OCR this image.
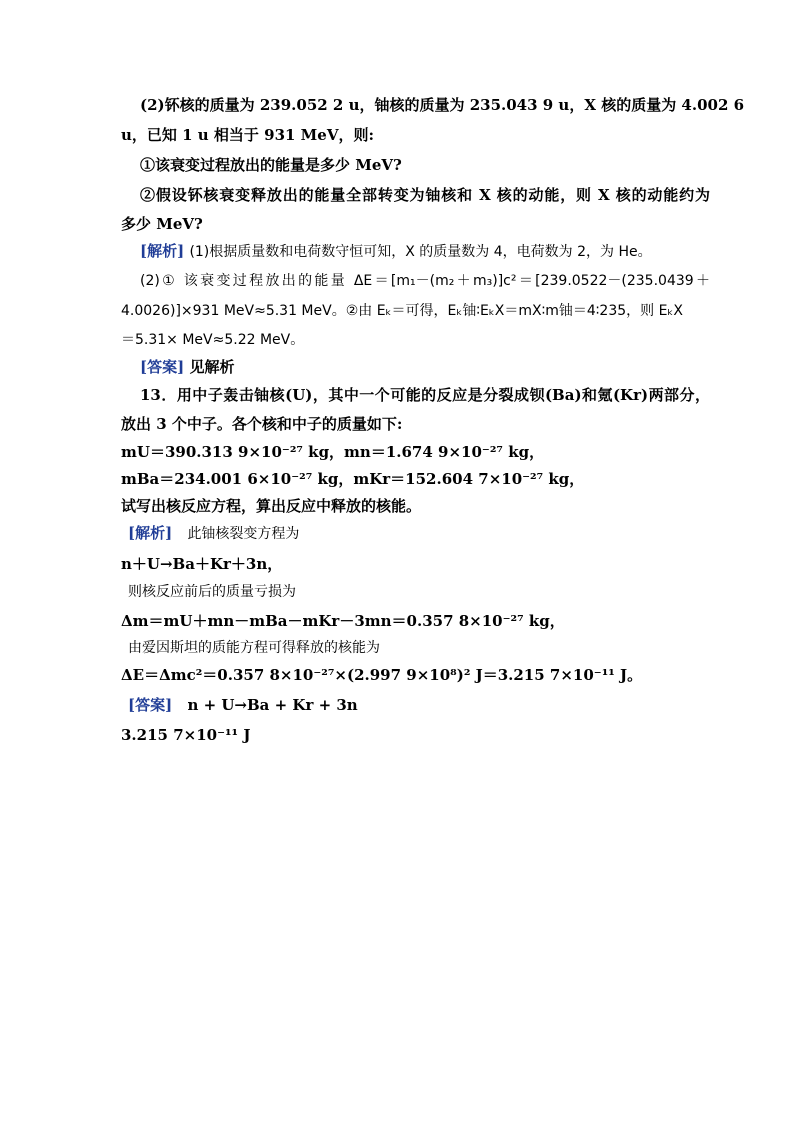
(2)钚核的质量为 239.052 2 u，铀核的质量为 235.043 9 u，X 核的质量为 4.002 6
u，已知 1 u 相当于 931 MeV，则:
①该衰变过程放出的能量是多少 MeV?
②假设钚核衰变释放出的能量全部转变为铀核和 X 核的动能，则 X 核的动能约为
多少 MeV?
[解析] (1)根据质量数和电荷数守恒可知，X 的质量数为 4，电荷数为 2，为 He。
(2)① 该衰变过程放出的能量 ΔE＝[m₁－(m₂＋m₃)]c²＝[239.0522－(235.0439＋
4.0026)]×931 MeV≈5.31 MeV。②由 Eₖ＝可得，Eₖ铀∶EₖX＝mX∶m铀＝4∶235，则 EₖX
＝5.31× MeV≈5.22 MeV。
[答案] 见解析
13．用中子轰击铀核(U)，其中一个可能的反应是分裂成钡(Ba)和氪(Kr)两部分，
放出 3 个中子。各个核和中子的质量如下:
mU＝390.313 9×10⁻²⁷ kg，mn＝1.674 9×10⁻²⁷ kg，
mBa＝234.001 6×10⁻²⁷ kg，mKr＝152.604 7×10⁻²⁷ kg，
试写出核反应方程，算出反应中释放的核能。
[解析] 此铀核裂变方程为
n＋U→Ba＋Kr＋3n，
则核反应前后的质量亏损为
Δm＝mU＋mn－mBa－mKr－3mn＝0.357 8×10⁻²⁷ kg，
由爱因斯坦的质能方程可得释放的核能为
ΔE＝Δmc²＝0.357 8×10⁻²⁷×(2.997 9×10⁸)² J＝3.215 7×10⁻¹¹ J。
[答案] n + U→Ba + Kr + 3n
3.215 7×10⁻¹¹ J
